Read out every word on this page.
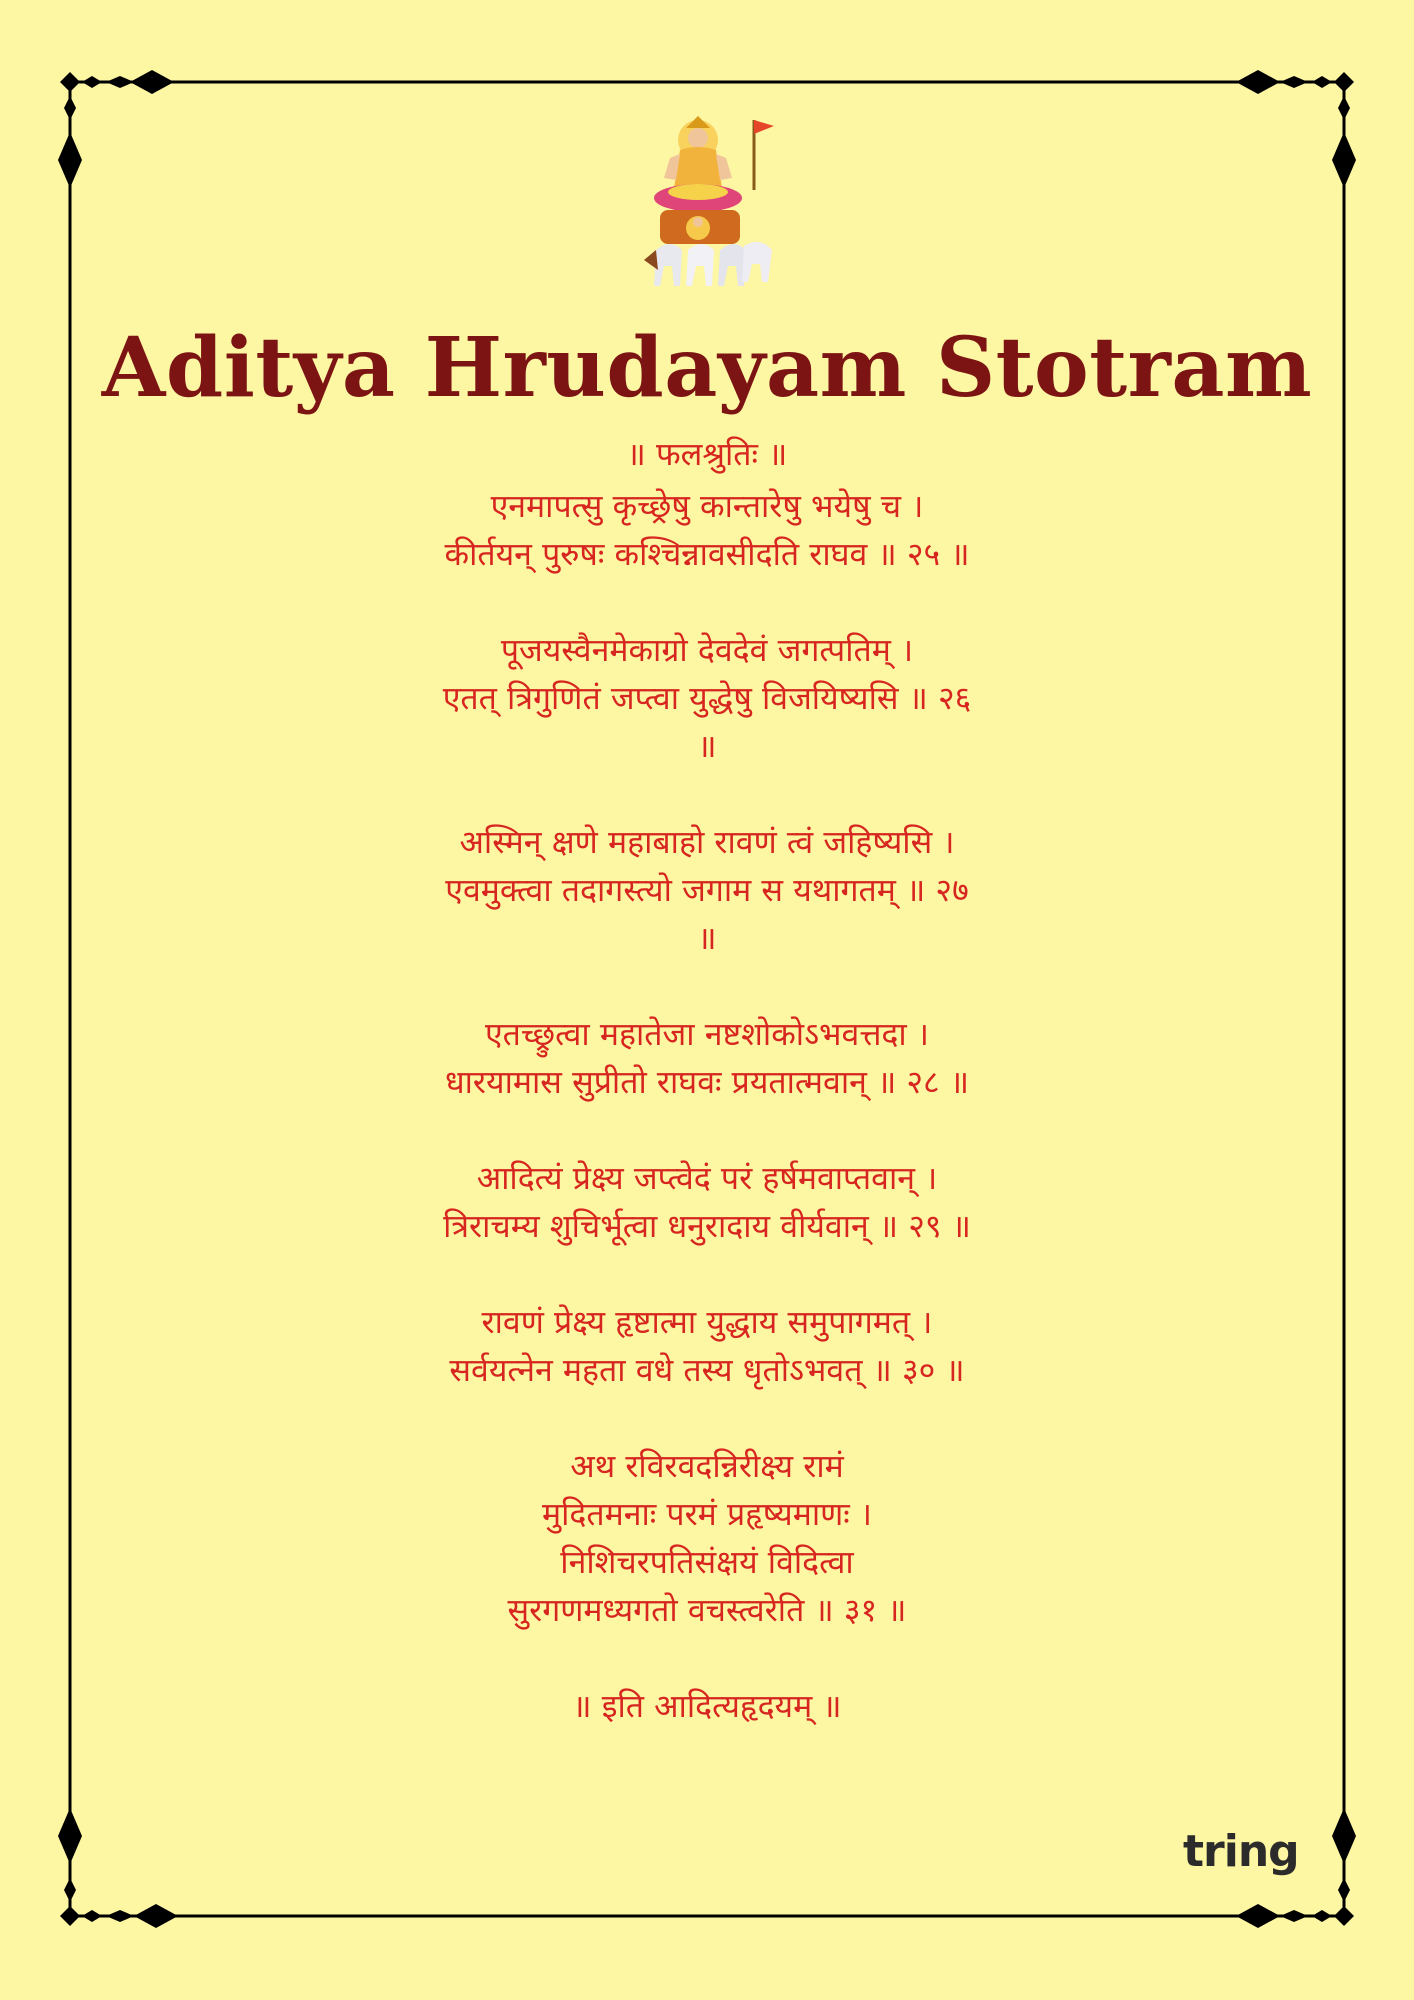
Aditya Hrudayam Stotram
॥ फलश्रुतिः ॥
एनमापत्सु कृच्छ्रेषु कान्तारेषु भयेषु च ।
कीर्तयन् पुरुषः कश्चिन्नावसीदति राघव ॥ २५ ॥
पूजयस्वैनमेकाग्रो देवदेवं जगत्पतिम् ।
एतत् त्रिगुणितं जप्त्वा युद्धेषु विजयिष्यसि ॥ २६
॥
अस्मिन् क्षणे महाबाहो रावणं त्वं जहिष्यसि ।
एवमुक्त्वा तदागस्त्यो जगाम स यथागतम् ॥ २७
॥
एतच्छ्रुत्वा महातेजा नष्टशोकोऽभवत्तदा ।
धारयामास सुप्रीतो राघवः प्रयतात्मवान् ॥ २८ ॥
आदित्यं प्रेक्ष्य जप्त्वेदं परं हर्षमवाप्तवान् ।
त्रिराचम्य शुचिर्भूत्वा धनुरादाय वीर्यवान् ॥ २९ ॥
रावणं प्रेक्ष्य हृष्टात्मा युद्धाय समुपागमत् ।
सर्वयत्नेन महता वधे तस्य धृतोऽभवत् ॥ ३० ॥
अथ रविरवदन्निरीक्ष्य रामं
मुदितमनाः परमं प्रहृष्यमाणः ।
निशिचरपतिसंक्षयं विदित्वा
सुरगणमध्यगतो वचस्त्वरेति ॥ ३१ ॥
॥ इति आदित्यहृदयम् ॥
tring
